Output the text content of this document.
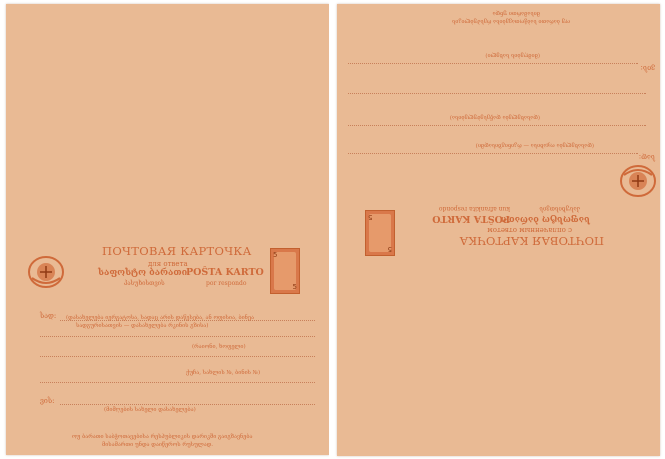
ПОЧТОВАЯ КАРТОЧКА
для ответа
საფოსტო ბარათი
პასუხისთვის
POŜTA KARTO
por respondo
5
5
სად: (დასახელება იერგატოსა, სადაც არის დაწესება, ან ოფისია, ბინეა
სადგურისათვის — დასახელება რკინის გზისა)
(რაიონი, ხოფელი)
ქუჩა, სახლის №, ბინის №)
ვის:
(მიმღების სახელი დასახელება)
ოუ ბარათი საბჭოთავებისა რესპუბლიკის დარიკში გაიგზავნება
მისამართი უნდა დაიწეროს რუსულად.
ПОЧТОВАЯ КАРТОЧКА
с оплаченным ответом
საფოსტო ბარათი
POŜTA KARTO
პასუხისთვის
kun afrankita respondo
5
5
სად:
(დასახელება ოჯახისა — რკინიგზისადმი)
(დასახელება დაწესებულებისა)
ვის:
(მიმღების სახელი)
ოუ ბარათი საბჭოთავებისა რესპუბლიკის
მისამართი უნდა
